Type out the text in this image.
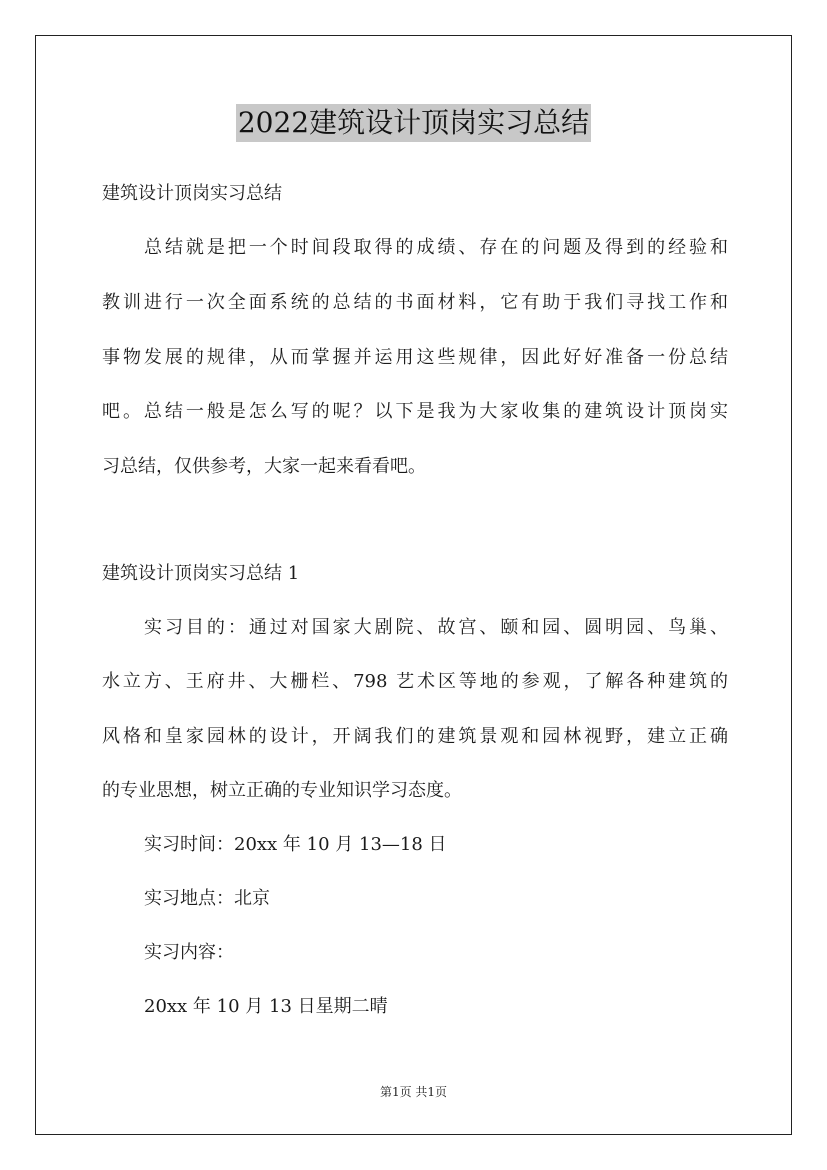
2022建筑设计顶岗实习总结
建筑设计顶岗实习总结
总结就是把一个时间段取得的成绩、存在的问题及得到的经验和
教训进行一次全面系统的总结的书面材料，它有助于我们寻找工作和
事物发展的规律，从而掌握并运用这些规律，因此好好准备一份总结
吧。总结一般是怎么写的呢？以下是我为大家收集的建筑设计顶岗实
习总结，仅供参考，大家一起来看看吧。
建筑设计顶岗实习总结 1
实习目的：通过对国家大剧院、故宫、颐和园、圆明园、鸟巢、
水立方、王府井、大栅栏、798 艺术区等地的参观，了解各种建筑的
风格和皇家园林的设计，开阔我们的建筑景观和园林视野，建立正确
的专业思想，树立正确的专业知识学习态度。
实习时间：20xx 年 10 月 13—18 日
实习地点：北京
实习内容：
20xx 年 10 月 13 日星期二晴
第1页 共1页
